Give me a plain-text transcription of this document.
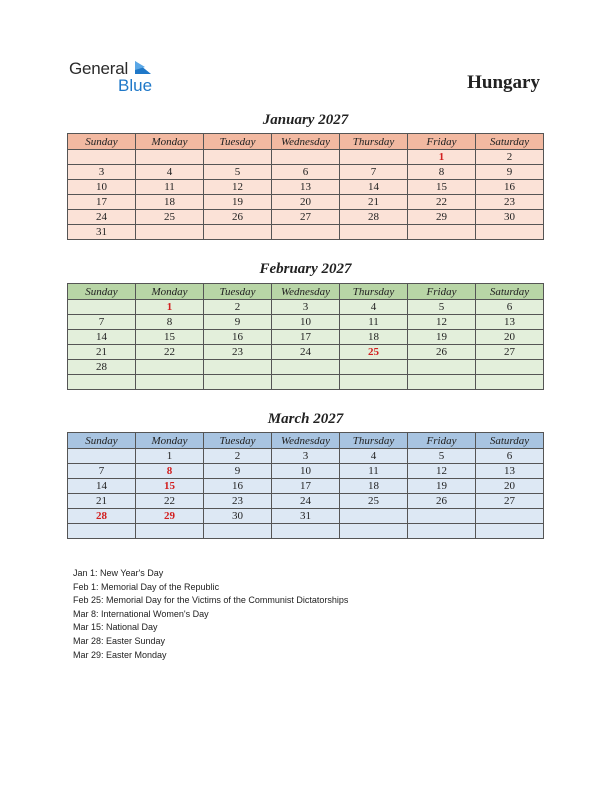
General
Blue	Hungary
January 2027
Sunday	Monday	Tuesday	Wednesday	Thursday	Friday	Saturday
					1	2
3	4	5	6	7	8	9
10	11	12	13	14	15	16
17	18	19	20	21	22	23
24	25	26	27	28	29	30
31						
February 2027
Sunday	Monday	Tuesday	Wednesday	Thursday	Friday	Saturday
	1	2	3	4	5	6
7	8	9	10	11	12	13
14	15	16	17	18	19	20
21	22	23	24	25	26	27
28						

March 2027
Sunday	Monday	Tuesday	Wednesday	Thursday	Friday	Saturday
	1	2	3	4	5	6
7	8	9	10	11	12	13
14	15	16	17	18	19	20
21	22	23	24	25	26	27
28	29	30	31			

Jan 1: New Year's Day
Feb 1: Memorial Day of the Republic
Feb 25: Memorial Day for the Victims of the Communist Dictatorships
Mar 8: International Women's Day
Mar 15: National Day
Mar 28: Easter Sunday
Mar 29: Easter Monday
